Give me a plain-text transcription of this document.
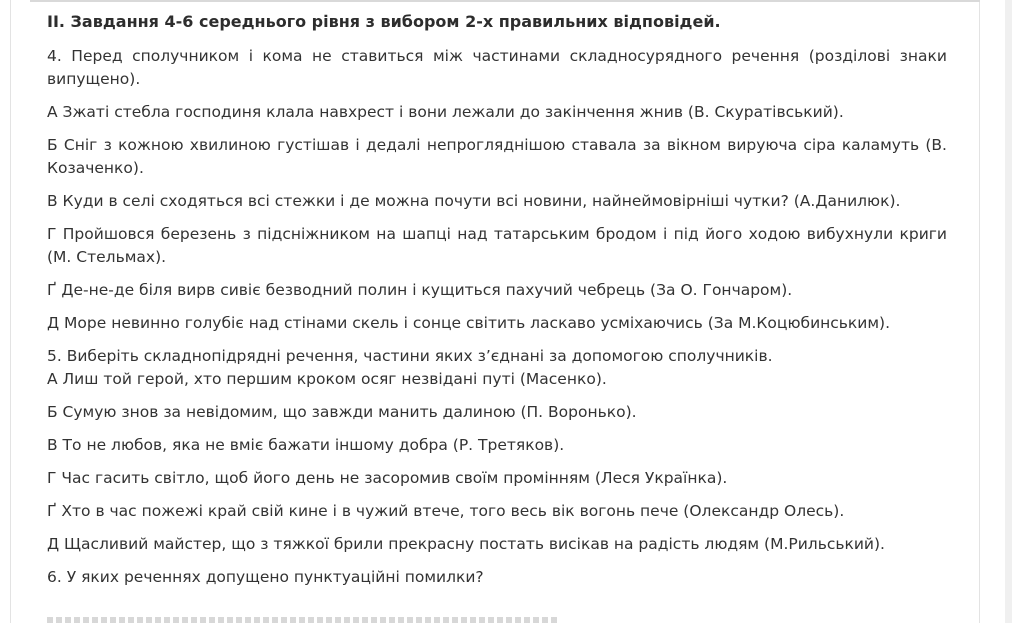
ІІ. Завдання 4-6 середнього рівня з вибором 2-х правильних відповідей.

4. Перед сполучником і кома не ставиться між частинами складносурядного речення (розділові знаки випущено).

А Зжаті стебла господиня клала навхрест і вони лежали до закінчення жнив (В. Скуратівський).

Б Сніг з кожною хвилиною густішав і дедалі непрогляднішою ставала за вікном вируюча сіра каламуть (В. Козаченко).

В Куди в селі сходяться всі стежки і де можна почути всі новини, найнеймовірніші чутки? (А.Данилюк).

Г Пройшовся березень з підсніжником на шапці над татарським бродом і під його ходою вибухнули криги (М. Стельмах).

Ґ Де-не-де біля вирв сивіє безводний полин і кущиться пахучий чебрець (За О. Гончаром).

Д Море невинно голубіє над стінами скель і сонце світить ласкаво усміхаючись (За М.Коцюбинським).

5. Виберіть складнопідрядні речення, частини яких з’єднані за допомогою сполучників.

А Лиш той герой, хто першим кроком осяг незвідані путі (Масенко).

Б Сумую знов за невідомим, що завжди манить далиною (П. Воронько).

В То не любов, яка не вміє бажати іншому добра (Р. Третяков).

Г Час гасить світло, щоб його день не засоромив своїм промінням (Леся Українка).

Ґ Хто в час пожежі край свій кине і в чужий втече, того весь вік вогонь пече (Олександр Олесь).

Д Щасливий майстер, що з тяжкої брили прекрасну постать висікав на радість людям (М.Рильський).

6. У яких реченнях допущено пунктуаційні помилки?
